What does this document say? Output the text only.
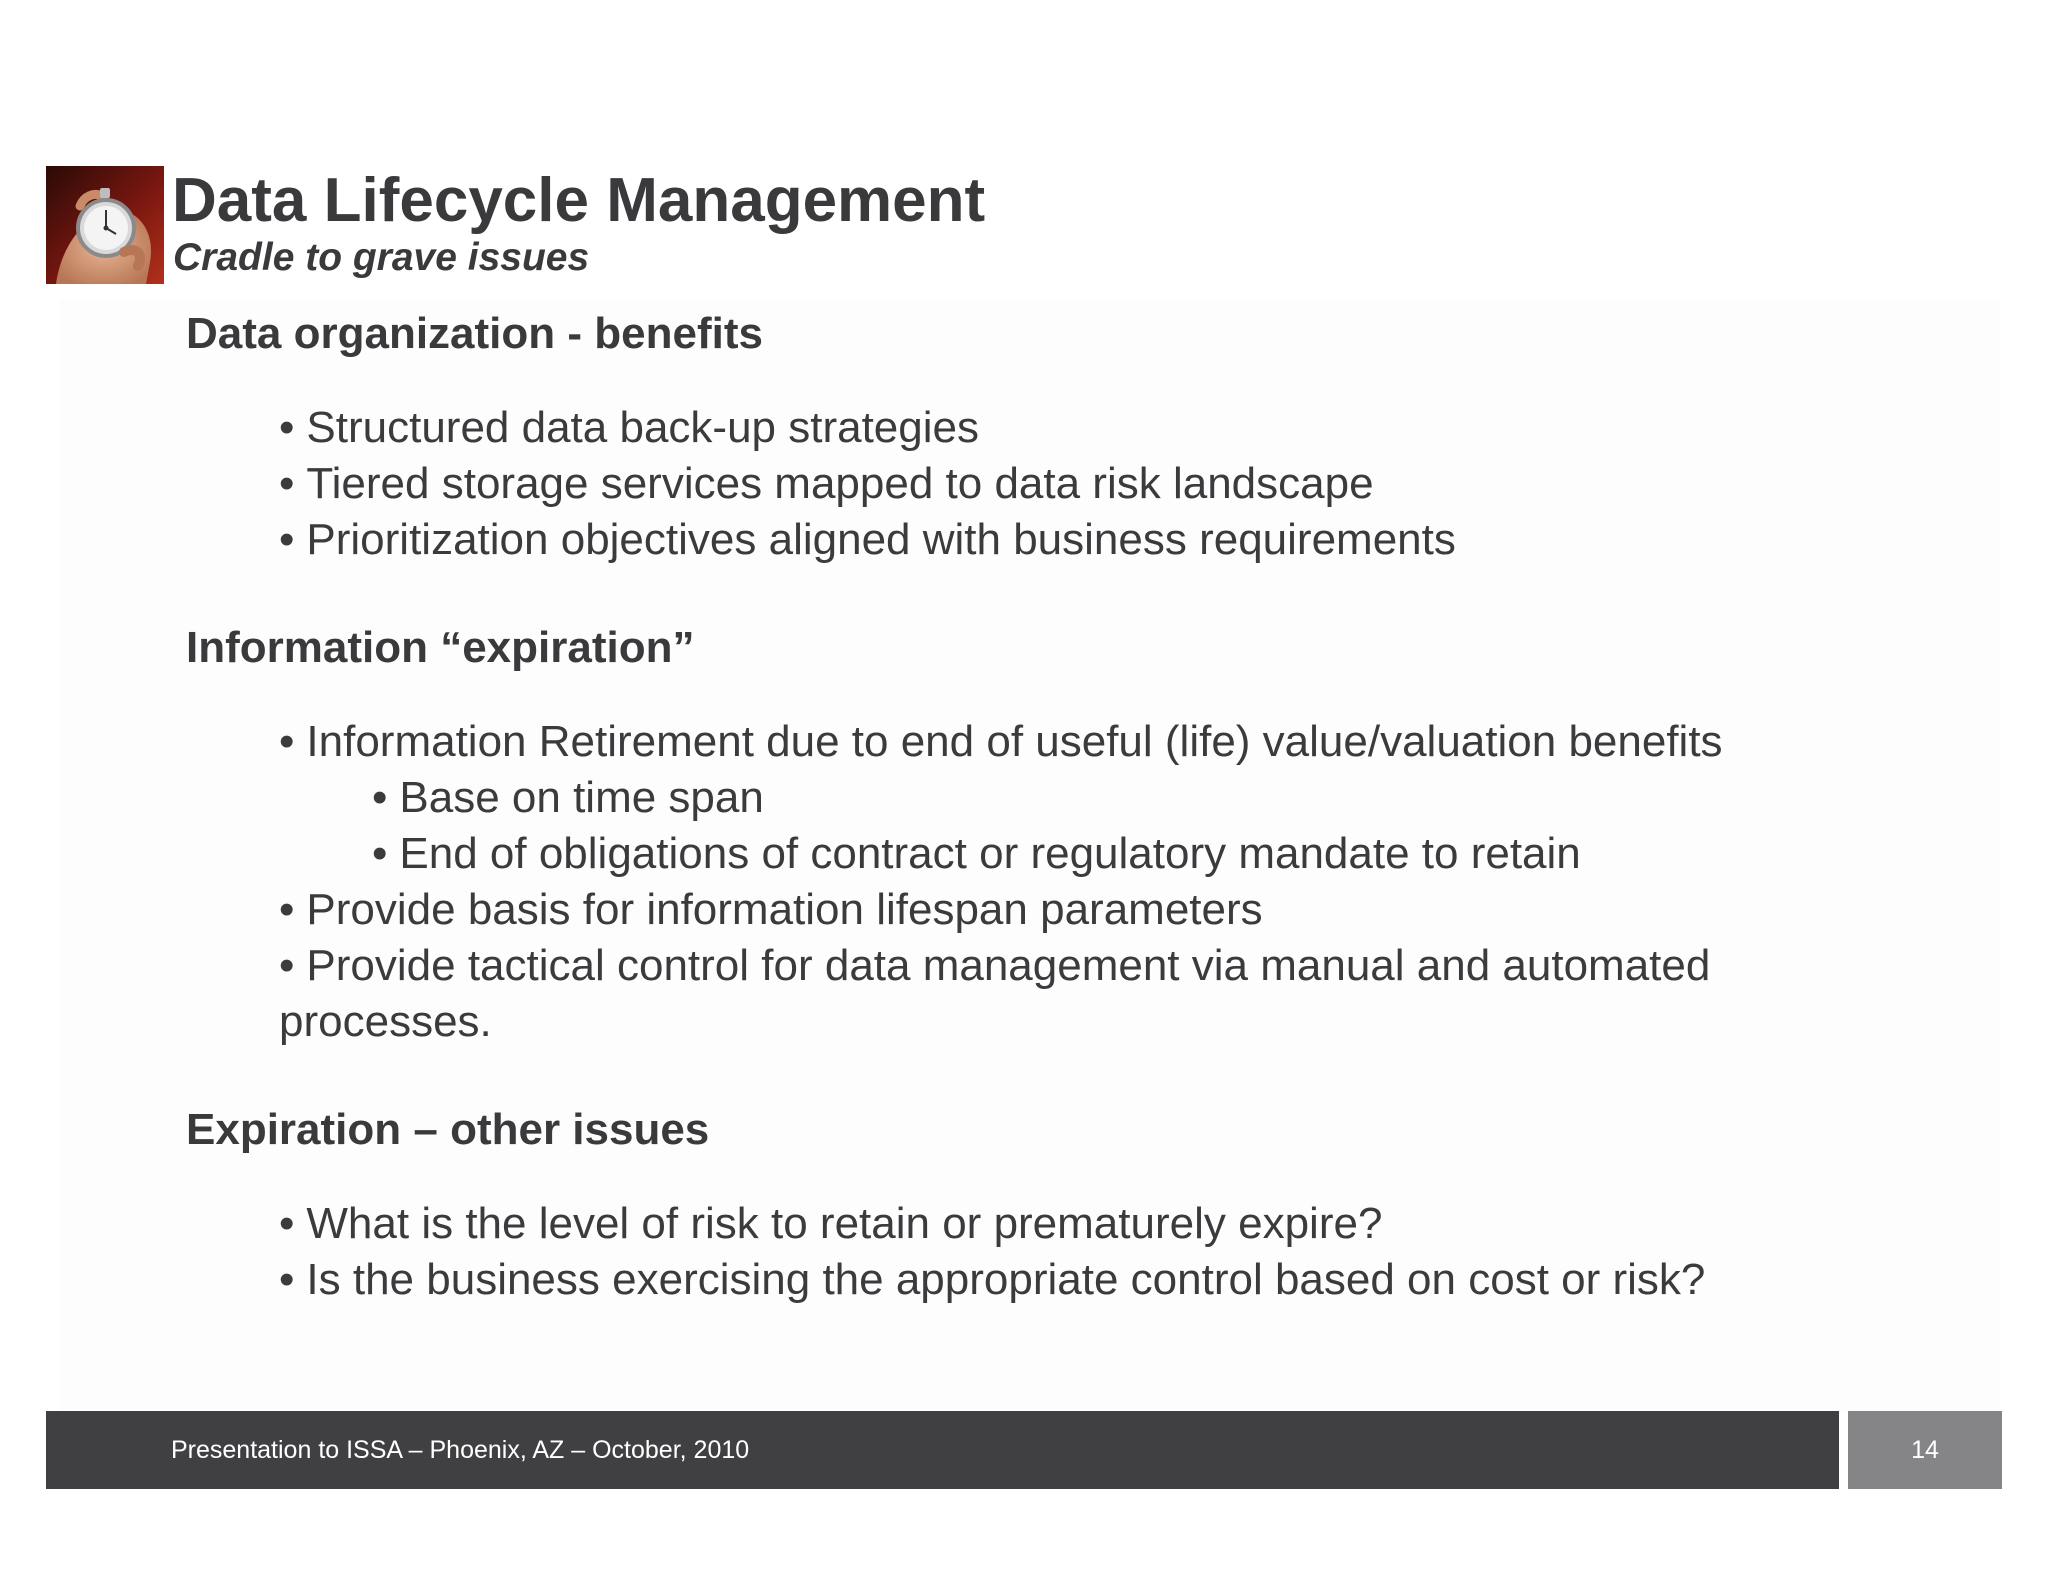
Data Lifecycle Management
Cradle to grave issues
Data organization - benefits
• Structured data back-up strategies
• Tiered storage services mapped to data risk landscape
• Prioritization objectives aligned with business requirements
Information “expiration”
• Information Retirement due to end of useful (life) value/valuation benefits
• Base on time span
• End of obligations of contract or regulatory mandate to retain
• Provide basis for information lifespan parameters
• Provide tactical control for data management via manual and automated processes.
Expiration – other issues
• What is the level of risk to retain or prematurely expire?
• Is the business exercising the appropriate control based on cost or risk?
Presentation to ISSA – Phoenix, AZ – October, 2010	14
